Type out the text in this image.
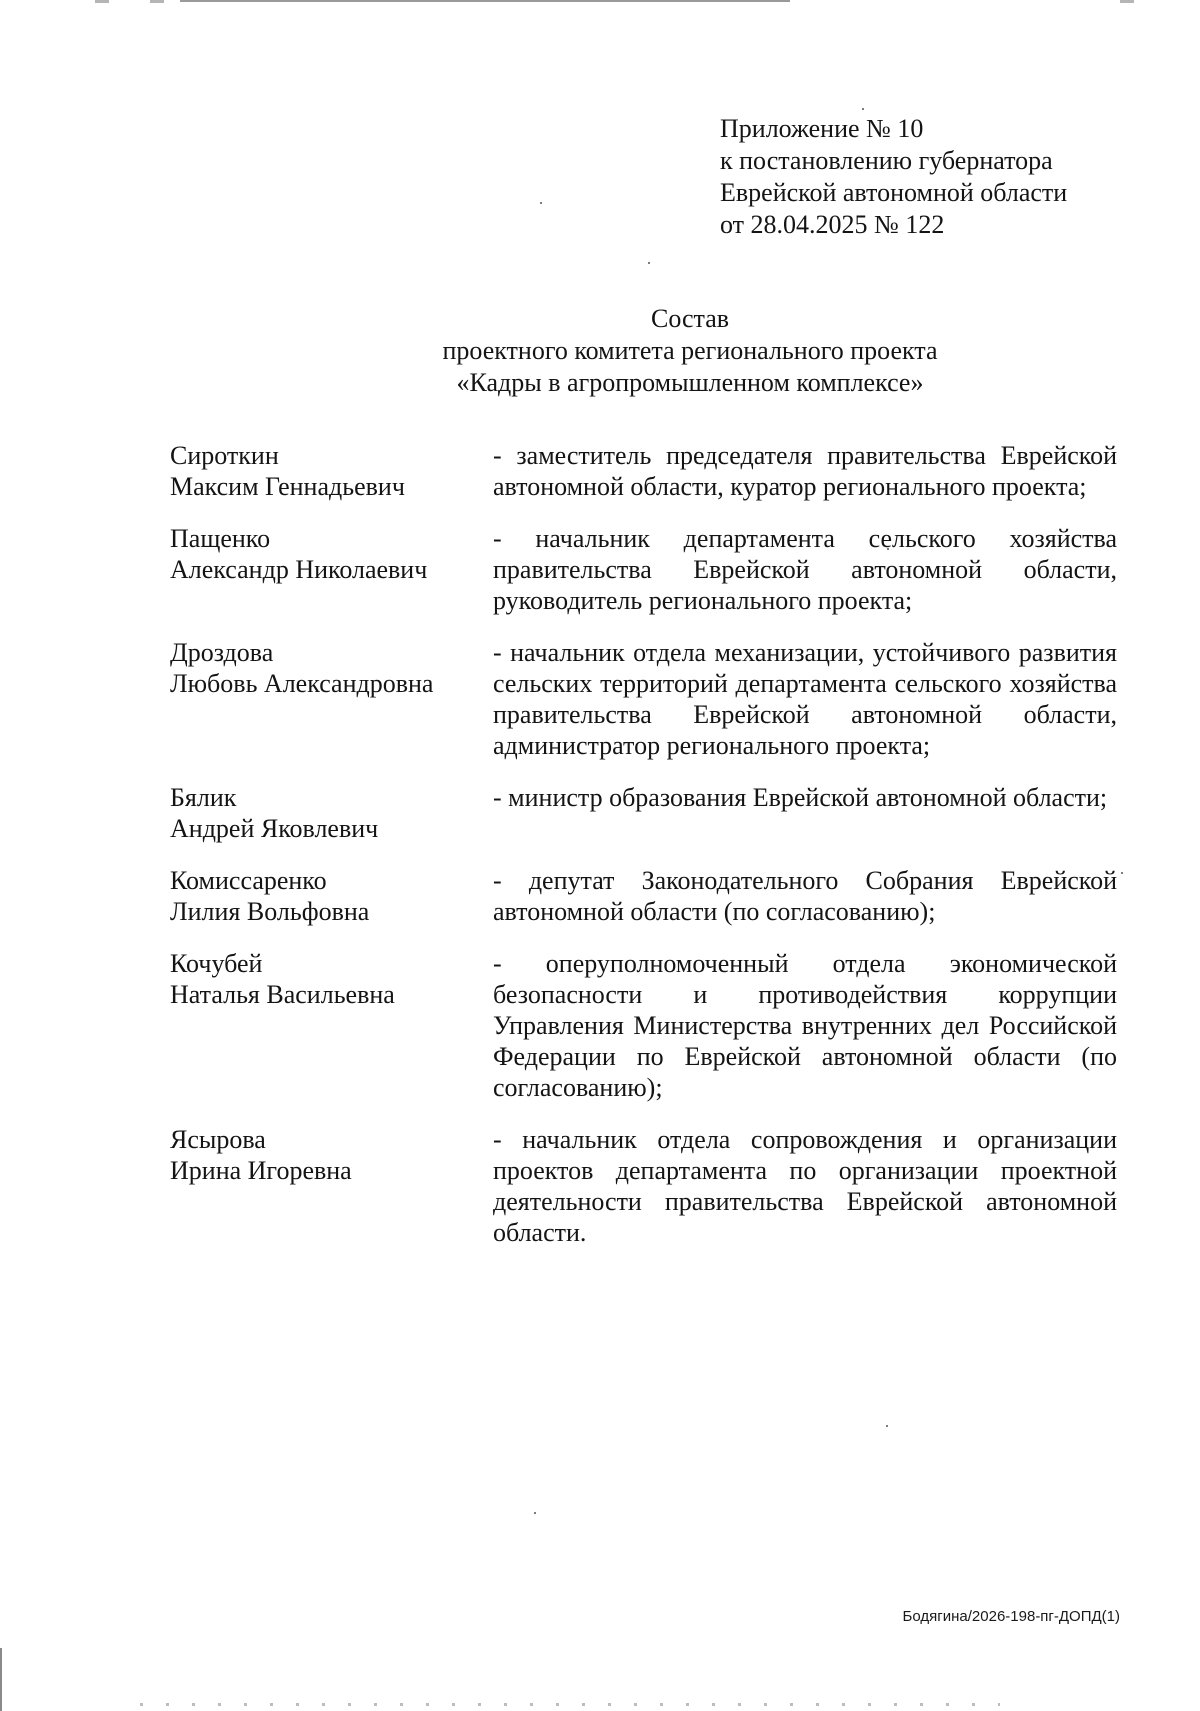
Приложение № 10
к постановлению губернатора
Еврейской автономной области
от 28.04.2025 № 122
Состав
проектного комитета регионального проекта
«Кадры в агропромышленном комплексе»
Сироткин
Максим Геннадьевич
- заместитель председателя правительства Еврейской автономной области, куратор регионального проекта;
Пащенко
Александр Николаевич
- начальник департамента сельского хозяйства правительства Еврейской автономной области, руководитель регионального проекта;
Дроздова
Любовь Александровна
- начальник отдела механизации, устойчивого развития сельских территорий департамента сельского хозяйства правительства Еврейской автономной области, администратор регионального проекта;
Бялик
Андрей Яковлевич
- министр образования Еврейской автономной области;
Комиссаренко
Лилия Вольфовна
- депутат Законодательного Собрания Еврейской автономной области (по согласованию);
Кочубей
Наталья Васильевна
- оперуполномоченный отдела экономической безопасности и противодействия коррупции Управления Министерства внутренних дел Российской Федерации по Еврейской автономной области (по согласованию);
Ясырова
Ирина Игоревна
- начальник отдела сопровождения и организации проектов департамента по организации проектной деятельности правительства Еврейской автономной области.
Бодягина/2026-198-пг-ДОПД(1)
